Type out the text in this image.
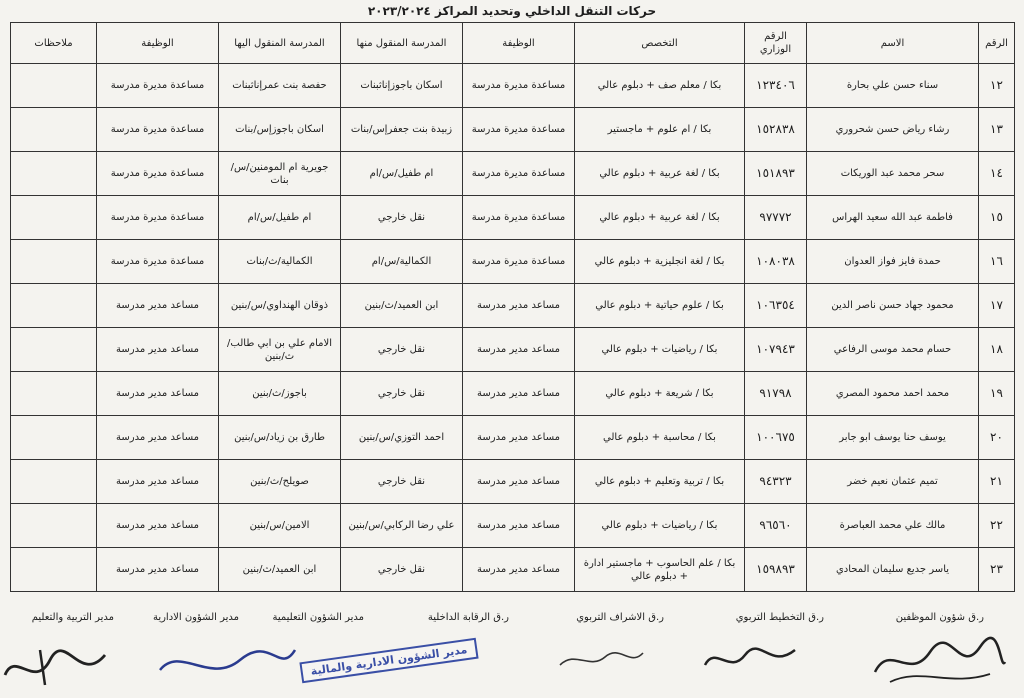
حركات التنقل الداخلي وتحديد المراكز ٢٠٢٣/٢٠٢٤
الرقم	الاسم	الرقم الوزاري	التخصص	الوظيفة	المدرسة المنقول منها	المدرسة المنقول اليها	الوظيفة	ملاحظات
١٢	سناء حسن علي بحارة	١٢٣٤٠٦	بكا / معلم صف + دبلوم عالي	مساعدة مديرة مدرسة	اسكان باجوزإناثبنات	حفصة بنت عمرإناثبنات	مساعدة مديرة مدرسة	
١٣	رشاء رياض حسن شحروري	١٥٢٨٣٨	بكا / ام علوم + ماجستير	مساعدة مديرة مدرسة	زبيدة بنت جعفرإس/بنات	اسكان باجوزإس/بنات	مساعدة مديرة مدرسة	
١٤	سحر محمد عبد الوريكات	١٥١٨٩٣	بكا / لغة عربية + دبلوم عالي	مساعدة مديرة مدرسة	ام طفيل/س/ام	جويرية ام المومنين/س/بنات	مساعدة مديرة مدرسة	
١٥	فاطمة عبد الله سعيد الهراس	٩٧٧٧٢	بكا / لغة عربية + دبلوم عالي	مساعدة مديرة مدرسة	نقل خارجي	ام طفيل/س/ام	مساعدة مديرة مدرسة	
١٦	حمدة فايز فواز العدوان	١٠٨٠٣٨	بكا / لغة انجليزية + دبلوم عالي	مساعدة مديرة مدرسة	الكمالية/س/ام	الكمالية/ث/بنات	مساعدة مديرة مدرسة	
١٧	محمود جهاد حسن ناصر الدين	١٠٦٣٥٤	بكا / علوم حياتية + دبلوم عالي	مساعد مدير مدرسة	ابن العميد/ث/بنين	ذوقان الهنداوي/س/بنين	مساعد مدير مدرسة	
١٨	حسام محمد موسى الرفاعي	١٠٧٩٤٣	بكا / رياضيات + دبلوم عالي	مساعد مدير مدرسة	نقل خارجي	الامام علي بن ابي طالب/ث/بنين	مساعد مدير مدرسة	
١٩	محمد احمد محمود المصري	٩١٧٩٨	بكا / شريعة + دبلوم عالي	مساعد مدير مدرسة	نقل خارجي	باجوز/ث/بنين	مساعد مدير مدرسة	
٢٠	يوسف حنا يوسف ابو جابر	١٠٠٦٧٥	بكا / محاسبة + دبلوم عالي	مساعد مدير مدرسة	احمد التوزي/س/بنين	طارق بن زياد/س/بنين	مساعد مدير مدرسة	
٢١	تميم عثمان نعيم خضر	٩٤٣٢٣	بكا / تربية وتعليم + دبلوم عالي	مساعد مدير مدرسة	نقل خارجي	صويلح/ث/بنين	مساعد مدير مدرسة	
٢٢	مالك علي محمد العباصرة	٩٦٥٦٠	بكا / رياضيات + دبلوم عالي	مساعد مدير مدرسة	علي رضا الركابي/س/بنين	الامين/س/بنين	مساعد مدير مدرسة	
٢٣	ياسر جديع سليمان المحادي	١٥٩٨٩٣	بكا / علم الحاسوب + ماجستير ادارة + دبلوم عالي	مساعد مدير مدرسة	نقل خارجي	ابن العميد/ث/بنين	مساعد مدير مدرسة	
ر.ق شؤون الموظفين
ر.ق التخطيط التربوي
ر.ق الاشراف التربوي
ر.ق الرقابة الداخلية
مدير الشؤون التعليمية
مدير الشؤون الادارية
مدير التربية والتعليم
مدير الشؤون الادارية والمالية
